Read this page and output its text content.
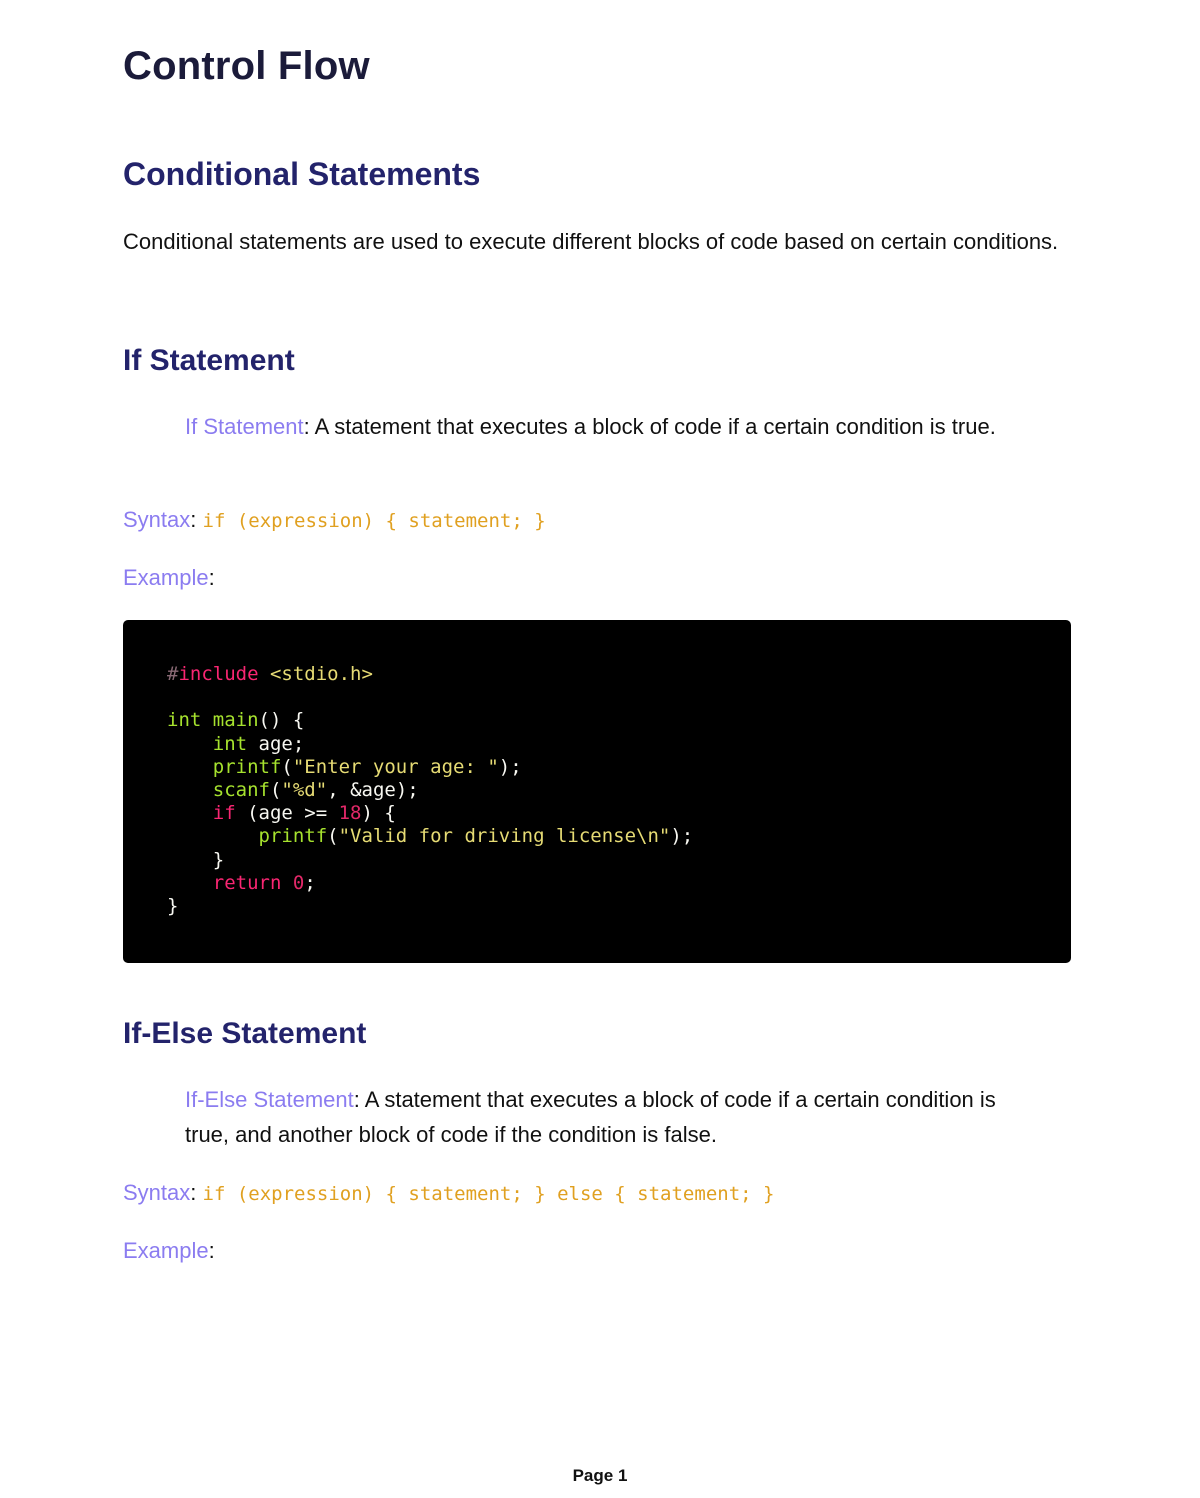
Control Flow
Conditional Statements

Conditional statements are used to execute different blocks of code based on certain conditions.

If Statement

If Statement: A statement that executes a block of code if a certain condition is true.

Syntax: if (expression) { statement; }

Example:

#include <stdio.h>

int main() {
int age;
printf("Enter your age: ");
scanf("%d", &age);
if (age >= 18) {
printf("Valid for driving license\n");
}
return 0;
}
If-Else Statement

If-Else Statement: A statement that executes a block of code if a certain condition is true, and another block of code if the condition is false.

Syntax: if (expression) { statement; } else { statement; }

Example:

Page 1
